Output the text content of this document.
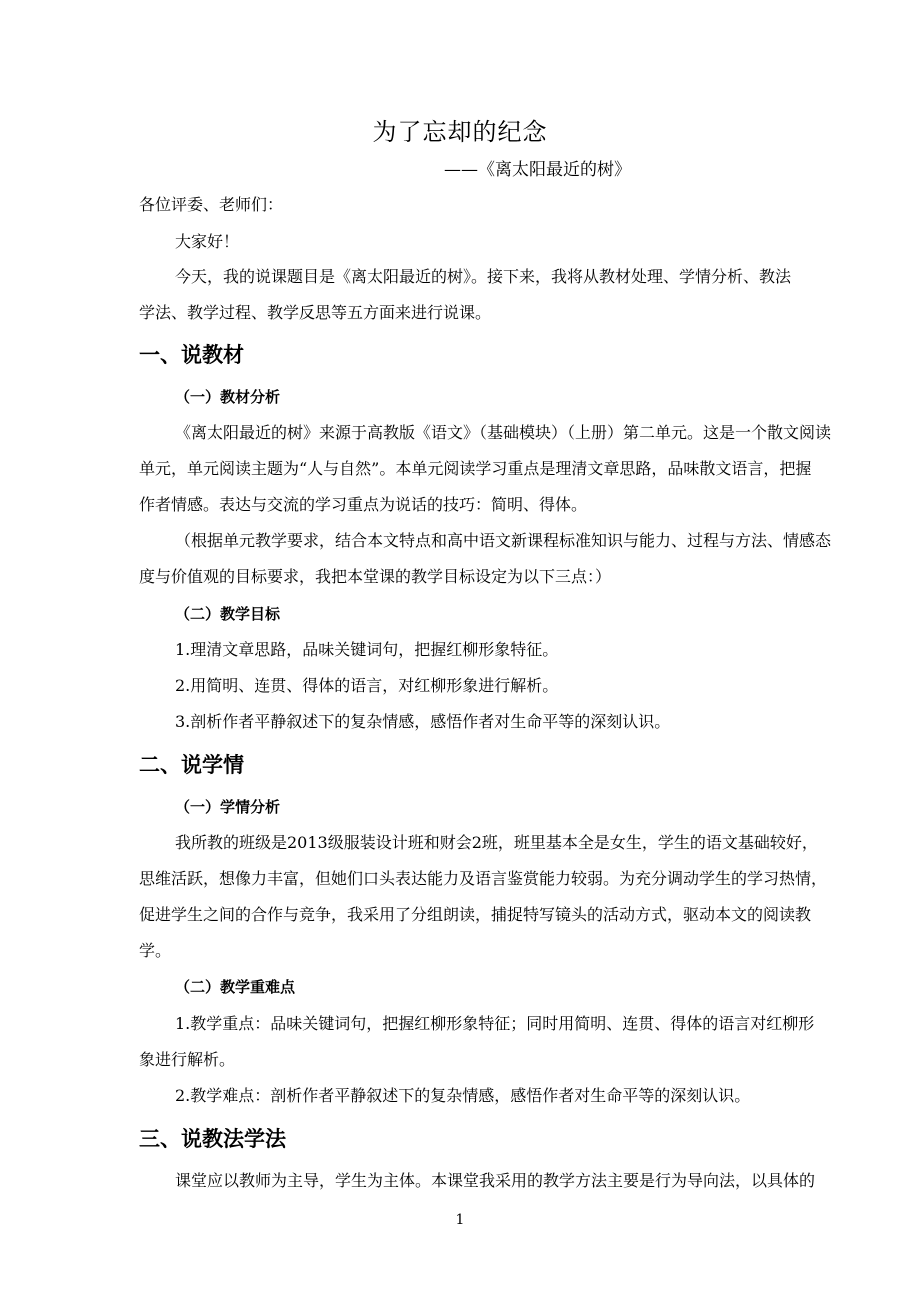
为了忘却的纪念
——《离太阳最近的树》
各位评委、老师们：
大家好！
今天，我的说课题目是《离太阳最近的树》。接下来，我将从教材处理、学情分析、教法
学法、教学过程、教学反思等五方面来进行说课。
一、说教材
（一）教材分析
《离太阳最近的树》来源于高教版《语文》（基础模块）（上册）第二单元。这是一个散文阅读
单元，单元阅读主题为“人与自然”。本单元阅读学习重点是理清文章思路，品味散文语言，把握
作者情感。表达与交流的学习重点为说话的技巧：简明、得体。
（根据单元教学要求，结合本文特点和高中语文新课程标准知识与能力、过程与方法、情感态
度与价值观的目标要求，我把本堂课的教学目标设定为以下三点：）
（二）教学目标
1.理清文章思路，品味关键词句，把握红柳形象特征。
2.用简明、连贯、得体的语言，对红柳形象进行解析。
3.剖析作者平静叙述下的复杂情感，感悟作者对生命平等的深刻认识。
二、说学情
（一）学情分析
我所教的班级是2013级服装设计班和财会2班，班里基本全是女生，学生的语文基础较好，
思维活跃，想像力丰富，但她们口头表达能力及语言鉴赏能力较弱。为充分调动学生的学习热情，
促进学生之间的合作与竞争，我采用了分组朗读，捕捉特写镜头的活动方式，驱动本文的阅读教
学。
（二）教学重难点
1.教学重点：品味关键词句，把握红柳形象特征；同时用简明、连贯、得体的语言对红柳形
象进行解析。
2.教学难点：剖析作者平静叙述下的复杂情感，感悟作者对生命平等的深刻认识。
三、说教法学法
课堂应以教师为主导，学生为主体。本课堂我采用的教学方法主要是行为导向法，以具体的
1
